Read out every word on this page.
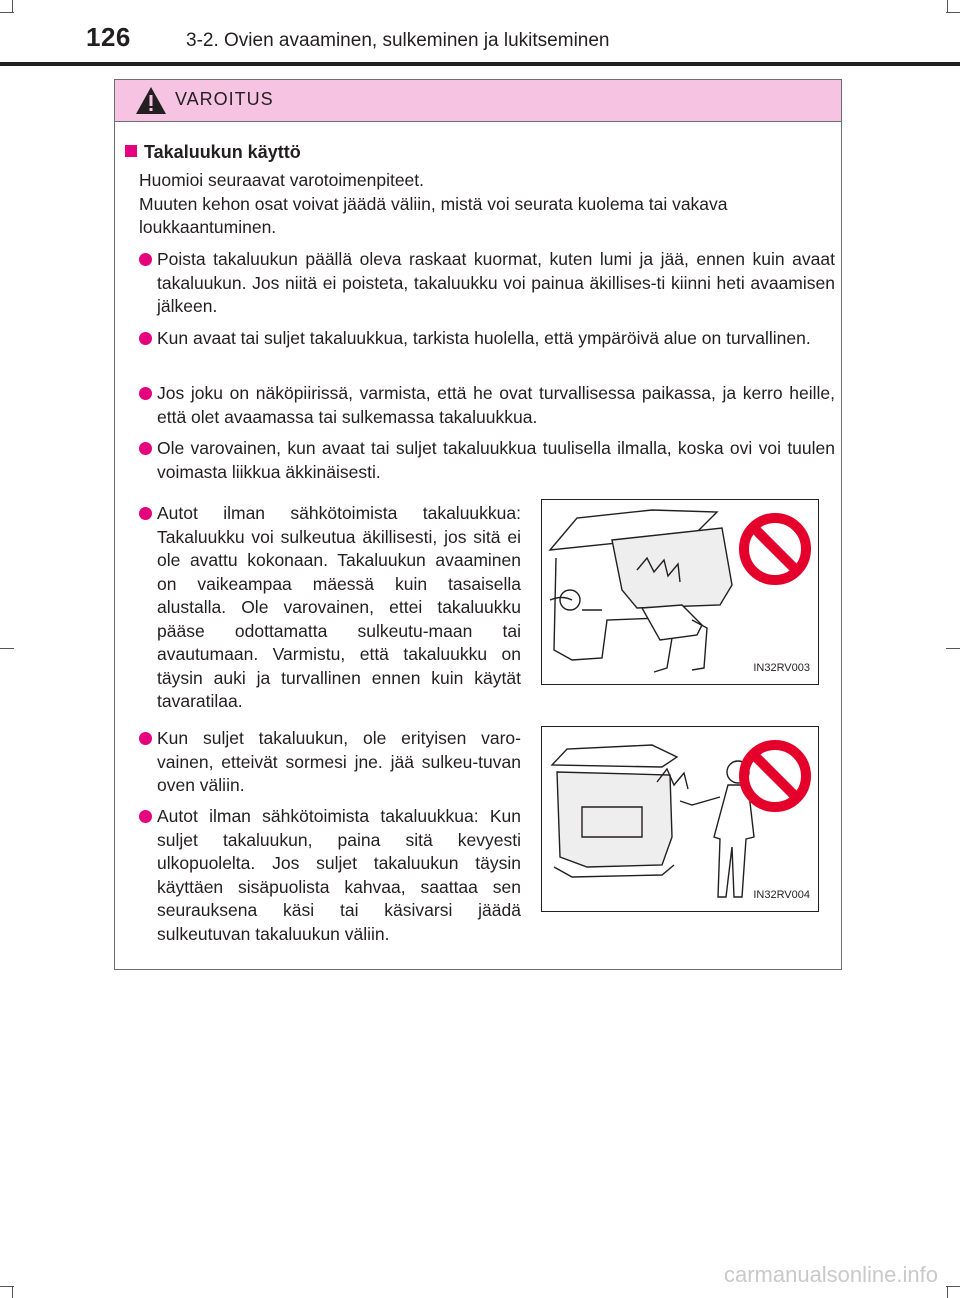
126	3-2. Ovien avaaminen, sulkeminen ja lukitseminen
VAROITUS
Takaluukun käyttö
Huomioi seuraavat varotoimenpiteet.
Muuten kehon osat voivat jäädä väliin, mistä voi seurata kuolema tai vakava loukkaantuminen.
Poista takaluukun päällä oleva raskaat kuormat, kuten lumi ja jää, ennen kuin avaat takaluukun. Jos niitä ei poisteta, takaluukku voi painua äkillises-ti kiinni heti avaamisen jälkeen.
Kun avaat tai suljet takaluukkua, tarkista huolella, että ympäröivä alue on turvallinen.
Jos joku on näköpiirissä, varmista, että he ovat turvallisessa paikassa, ja kerro heille, että olet avaamassa tai sulkemassa takaluukkua.
Ole varovainen, kun avaat tai suljet takaluukkua tuulisella ilmalla, koska ovi voi tuulen voimasta liikkua äkkinäisesti.
Autot ilman sähkötoimista takaluukkua: Takaluukku voi sulkeutua äkillisesti, jos sitä ei ole avattu kokonaan. Takaluukun avaaminen on vaikeampaa mäessä kuin tasaisella alustalla. Ole varovainen, ettei takaluukku pääse odottamatta sulkeutu-maan tai avautumaan. Varmistu, että takaluukku on täysin auki ja turvallinen ennen kuin käytät tavaratilaa.
Kun suljet takaluukun, ole erityisen varo-vainen, etteivät sormesi jne. jää sulkeu-tuvan oven väliin.
Autot ilman sähkötoimista takaluukkua: Kun suljet takaluukun, paina sitä kevyesti ulkopuolelta. Jos suljet takaluukun täysin käyttäen sisäpuolista kahvaa, saattaa sen seurauksena käsi tai käsivarsi jäädä sulkeutuvan takaluukun väliin.
IN32RV003
IN32RV004
carmanualsonline.info
